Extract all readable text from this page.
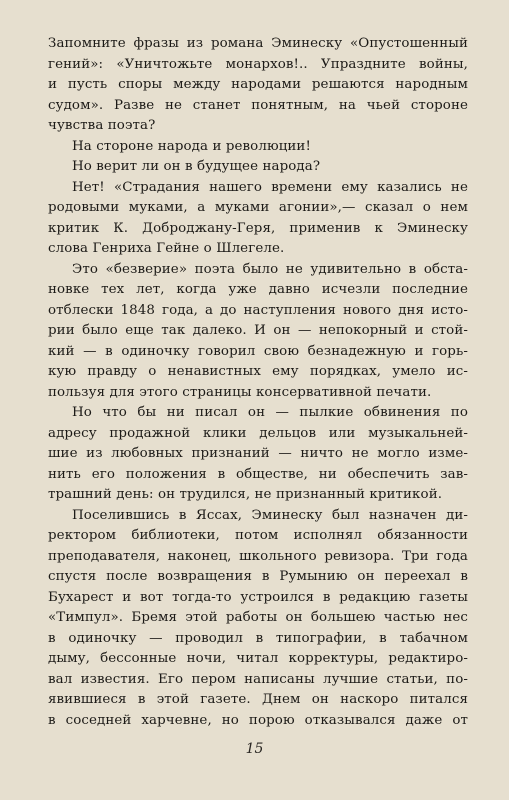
Запомните фразы из романа Эминеску «Опустошенный
гений»: «Уничтожьте монархов!.. Упраздните войны,
и пусть споры между народами решаются народным
судом». Разве не станет понятным, на чьей стороне
чувства поэта?
На стороне народа и революции!
Но верит ли он в будущее народа?
Нет! «Страдания нашего времени ему казались не
родовыми муками, а муками агонии»,— сказал о нем
критик К. Доброджану-Геря, применив к Эминеску
слова Генриха Гейне о Шлегеле.
Это «безверие» поэта было не удивительно в обста-
новке тех лет, когда уже давно исчезли последние
отблески 1848 года, а до наступления нового дня исто-
рии было еще так далеко. И он — непокорный и стой-
кий — в одиночку говорил свою безнадежную и горь-
кую правду о ненавистных ему порядках, умело ис-
пользуя для этого страницы консервативной печати.
Но что бы ни писал он — пылкие обвинения по
адресу продажной клики дельцов или музыкальней-
шие из любовных признаний — ничто не могло изме-
нить его положения в обществе, ни обеспечить зав-
трашний день: он трудился, не признанный критикой.
Поселившись в Яссах, Эминеску был назначен ди-
ректором библиотеки, потом исполнял обязанности
преподавателя, наконец, школьного ревизора. Три года
спустя после возвращения в Румынию он переехал в
Бухарест и вот тогда-то устроился в редакцию газеты
«Тимпул». Бремя этой работы он большею частью нес
в одиночку — проводил в типографии, в табачном
дыму, бессонные ночи, читал корректуры, редактиро-
вал известия. Его пером написаны лучшие статьи, по-
явившиеся в этой газете. Днем он наскоро питался
в соседней харчевне, но порою отказывался даже от
15
